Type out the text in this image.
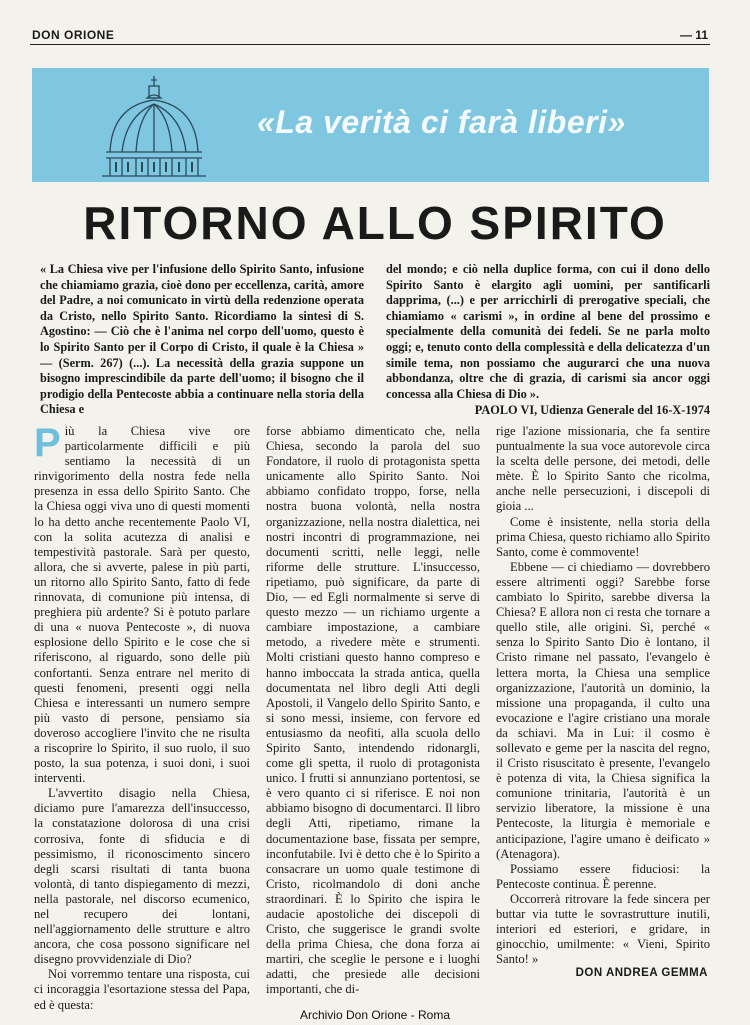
DON ORIONE	— 11
«La verità ci farà liberi»
RITORNO ALLO SPIRITO

« La Chiesa vive per l'infusione dello Spirito Santo, infusione che chiamiamo grazia, cioè dono per eccellenza, carità, amore del Padre, a noi comunicato in virtù della redenzione operata da Cristo, nello Spirito Santo. Ricordiamo la sintesi di S. Agostino: — Ciò che è l'anima nel corpo dell'uomo, questo è lo Spirito Santo per il Corpo di Cristo, il quale è la Chiesa » — (Serm. 267) (...). La necessità della grazia suppone un bisogno imprescindibile da parte dell'uomo; il bisogno che il prodigio della Pentecoste abbia a continuare nella storia della Chiesa e

del mondo; e ciò nella duplice forma, con cui il dono dello Spirito Santo è elargito agli uomini, per santificarli dapprima, (...) e per arricchirli di prerogative speciali, che chiamiamo « carismi », in ordine al bene del prossimo e specialmente della comunità dei fedeli. Se ne parla molto oggi; e, tenuto conto della complessità e della delicatezza d'un simile tema, non possiamo che augurarci che una nuova abbondanza, oltre che di grazia, di carismi sia ancor oggi concessa alla Chiesa di Dio ».

PAOLO VI, Udienza Generale del 16-X-1974

Più la Chiesa vive ore particolarmente difficili e più sentiamo la necessità di un rinvigorimento della nostra fede nella presenza in essa dello Spirito Santo. Che la Chiesa oggi viva uno di questi momenti lo ha detto anche recentemente Paolo VI, con la solita acutezza di analisi e tempestività pastorale. Sarà per questo, allora, che si avverte, palese in più parti, un ritorno allo Spirito Santo, fatto di fede rinnovata, di comunione più intensa, di preghiera più ardente? Si è potuto parlare di una « nuova Pentecoste », di nuova esplosione dello Spirito e le cose che si riferiscono, al riguardo, sono delle più confortanti. Senza entrare nel merito di questi fenomeni, presenti oggi nella Chiesa e interessanti un numero sempre più vasto di persone, pensiamo sia doveroso accogliere l'invito che ne risulta a riscoprire lo Spirito, il suo ruolo, il suo posto, la sua potenza, i suoi doni, i suoi interventi.

L'avvertito disagio nella Chiesa, diciamo pure l'amarezza dell'insuccesso, la constatazione dolorosa di una crisi corrosiva, fonte di sfiducia e di pessimismo, il riconoscimento sincero degli scarsi risultati di tanta buona volontà, di tanto dispiegamento di mezzi, nella pastorale, nel discorso ecumenico, nel recupero dei lontani, nell'aggiornamento delle strutture e altro ancora, che cosa possono significare nel disegno provvidenziale di Dio?

Noi vorremmo tentare una risposta, cui ci incoraggia l'esortazione stessa del Papa, ed è questa:

forse abbiamo dimenticato che, nella Chiesa, secondo la parola del suo Fondatore, il ruolo di protagonista spetta unicamente allo Spirito Santo. Noi abbiamo confidato troppo, forse, nella nostra buona volontà, nella nostra organizzazione, nella nostra dialettica, nei nostri incontri di programmazione, nei documenti scritti, nelle leggi, nelle riforme delle strutture. L'insuccesso, ripetiamo, può significare, da parte di Dio, — ed Egli normalmente si serve di questo mezzo — un richiamo urgente a cambiare impostazione, a cambiare metodo, a rivedere mète e strumenti. Molti cristiani questo hanno compreso e hanno imboccata la strada antica, quella documentata nel libro degli Atti degli Apostoli, il Vangelo dello Spirito Santo, e si sono messi, insieme, con fervore ed entusiasmo da neofiti, alla scuola dello Spirito Santo, intendendo ridonargli, come gli spetta, il ruolo di protagonista unico. I frutti si annunziano portentosi, se è vero quanto ci si riferisce. E noi non abbiamo bisogno di documentarci. Il libro degli Atti, ripetiamo, rimane la documentazione base, fissata per sempre, inconfutabile. Ivi è detto che è lo Spirito a consacrare un uomo quale testimone di Cristo, ricolmandolo di doni anche straordinari. È lo Spirito che ispira le audacie apostoliche dei discepoli di Cristo, che suggerisce le grandi svolte della prima Chiesa, che dona forza ai martiri, che sceglie le persone e i luoghi adatti, che presiede alle decisioni importanti, che di-

rige l'azione missionaria, che fa sentire puntualmente la sua voce autorevole circa la scelta delle persone, dei metodi, delle mète. È lo Spirito Santo che ricolma, anche nelle persecuzioni, i discepoli di gioia ...

Come è insistente, nella storia della prima Chiesa, questo richiamo allo Spirito Santo, come è commovente!

Ebbene — ci chiediamo — dovrebbero essere altrimenti oggi? Sarebbe forse cambiato lo Spirito, sarebbe diversa la Chiesa? E allora non ci resta che tornare a quello stile, alle origini. Sì, perché « senza lo Spirito Santo Dio è lontano, il Cristo rimane nel passato, l'evangelo è lettera morta, la Chiesa una semplice organizzazione, l'autorità un dominio, la missione una propaganda, il culto una evocazione e l'agire cristiano una morale da schiavi. Ma in Lui: il cosmo è sollevato e geme per la nascita del regno, il Cristo risuscitato è presente, l'evangelo è potenza di vita, la Chiesa significa la comunione trinitaria, l'autorità è un servizio liberatore, la missione è una Pentecoste, la liturgia è memoriale e anticipazione, l'agire umano è deificato » (Atenagora).

Possiamo essere fiduciosi: la Pentecoste continua. È perenne.

Occorrerà ritrovare la fede sincera per buttar via tutte le sovrastrutture inutili, interiori ed esteriori, e gridare, in ginocchio, umilmente: « Vieni, Spirito Santo! »

DON ANDREA GEMMA
Archivio Don Orione - Roma
